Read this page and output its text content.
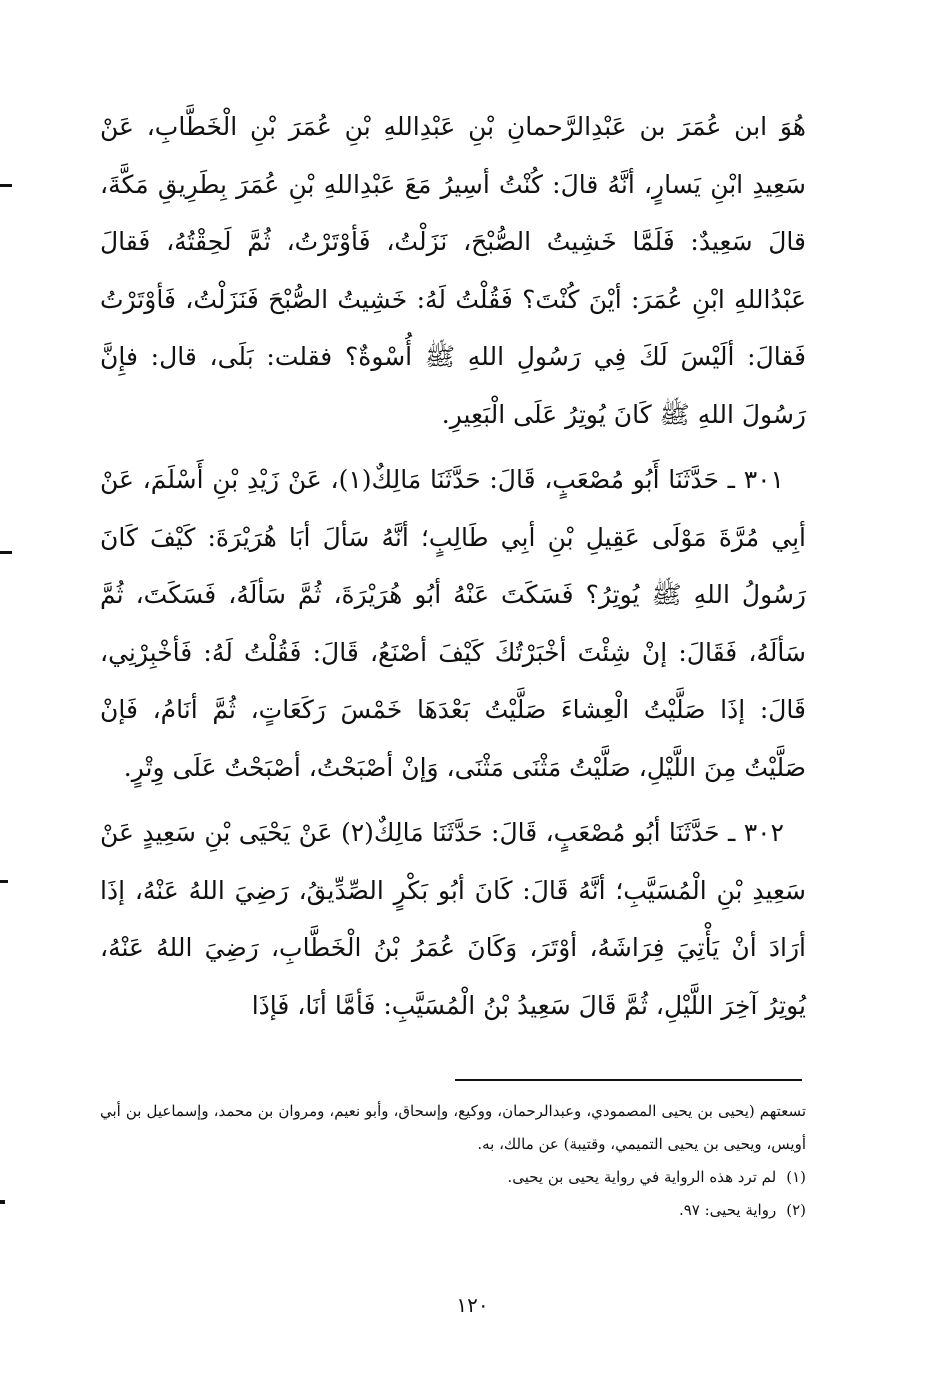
هُوَ ابن عُمَرَ بن عَبْدِالرَّحمانِ بْنِ عَبْدِاللهِ بْنِ عُمَرَ بْنِ الْخَطَّابِ، عَنْ سَعِيدِ ابْنِ يَسارٍ، أنَّهُ قالَ: كُنْتُ أسِيرُ مَعَ عَبْدِاللهِ بْنِ عُمَرَ بِطَرِيقِ مَكَّةَ، قالَ سَعِيدٌ: فَلَمَّا خَشِيتُ الصُّبْحَ، نَزَلْتُ، فَأوْتَرْتُ، ثُمَّ لَحِقْتُهُ، فَقالَ عَبْدُاللهِ ابْنِ عُمَرَ: أيْنَ كُنْتَ؟ فَقُلْتُ لَهُ: خَشِيتُ الصُّبْحَ فَنَزَلْتُ، فَأوْتَرْتُ فَقالَ: ألَيْسَ لَكَ فِي رَسُولِ اللهِ ﷺ أُسْوةٌ؟ فقلت: بَلَى، قال: فإِنَّ رَسُولَ اللهِ ﷺ كَانَ يُوتِرُ عَلَى الْبَعِيرِ.

٣٠١ ـ حَدَّثَنَا أَبُو مُصْعَبٍ، قَالَ: حَدَّثَنَا مَالِكٌ(١)، عَنْ زَيْدِ بْنِ أَسْلَمَ، عَنْ أبِي مُرَّةَ مَوْلَى عَقِيلِ بْنِ أبِي طَالِبٍ؛ أنَّهُ سَألَ أبَا هُرَيْرَةَ: كَيْفَ كَانَ رَسُولُ اللهِ ﷺ يُوتِرُ؟ فَسَكَتَ عَنْهُ أبُو هُرَيْرَةَ، ثُمَّ سَألَهُ، فَسَكَتَ، ثُمَّ سَألَهُ، فَقَالَ: إنْ شِئْتَ أخْبَرْتُكَ كَيْفَ أصْنَعُ، قَالَ: فَقُلْتُ لَهُ: فَأخْبِرْنِي، قَالَ: إذَا صَلَّيْتُ الْعِشاءَ صَلَّيْتُ بَعْدَهَا خَمْسَ رَكَعَاتٍ، ثُمَّ أنَامُ، فَإنْ صَلَّيْتُ مِنَ اللَّيْلِ، صَلَّيْتُ مَثْنَى مَثْنَى، وَإنْ أصْبَحْتُ، أصْبَحْتُ عَلَى وِتْرٍ.

٣٠٢ ـ حَدَّثَنَا أبُو مُصْعَبٍ، قَالَ: حَدَّثَنَا مَالِكٌ(٢) عَنْ يَحْيَى بْنِ سَعِيدٍ عَنْ سَعِيدِ بْنِ الْمُسَيَّبِ؛ أنَّهُ قَالَ: كَانَ أبُو بَكْرٍ الصِّدِّيقُ، رَضِيَ اللهُ عَنْهُ، إذَا أرَادَ أنْ يَأْتِيَ فِرَاشَهُ، أوْتَرَ، وَكَانَ عُمَرُ بْنُ الْخَطَّابِ، رَضِيَ اللهُ عَنْهُ، يُوتِرُ آخِرَ اللَّيْلِ، ثُمَّ قَالَ سَعِيدُ بْنُ الْمُسَيَّبِ: فَأمَّا أنَا، فَإذَا

تسعتهم (يحيى بن يحيى المصمودي، وعبدالرحمان، ووكيع، وإسحاق، وأبو نعيم، ومروان بن محمد، وإسماعيل بن أبي أويس، ويحيى بن يحيى التميمي، وقتيبة) عن مالك، به.

(١)
لم ترد هذه الرواية في رواية يحيى بن يحيى.
(٢)
رواية يحيى: ٩٧.
١٢٠
